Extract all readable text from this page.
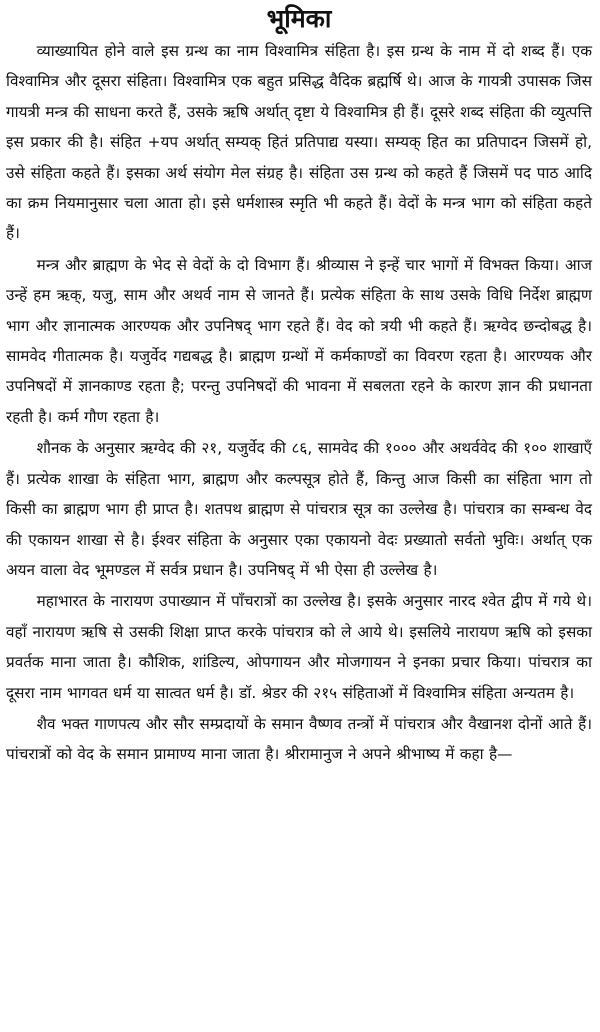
भूमिका

व्याख्यायित होने वाले इस ग्रन्थ का नाम विश्वामित्र संहिता है। इस ग्रन्थ के नाम में दो शब्द हैं। एक विश्वामित्र और दूसरा संहिता। विश्वामित्र एक बहुत प्रसिद्ध वैदिक ब्रह्मर्षि थे। आज के गायत्री उपासक जिस गायत्री मन्त्र की साधना करते हैं, उसके ऋषि अर्थात् दृष्टा ये विश्वामित्र ही हैं। दूसरे शब्द संहिता की व्युत्पत्ति इस प्रकार की है। संहित +यप अर्थात् सम्यक् हितं प्रतिपाद्य यस्या। सम्यक् हित का प्रतिपादन जिसमें हो, उसे संहिता कहते हैं। इसका अर्थ संयोग मेल संग्रह है। संहिता उस ग्रन्थ को कहते हैं जिसमें पद पाठ आदि का क्रम नियमानुसार चला आता हो। इसे धर्मशास्त्र स्मृति भी कहते हैं। वेदों के मन्त्र भाग को संहिता कहते हैं।

मन्त्र और ब्राह्मण के भेद से वेदों के दो विभाग हैं। श्रीव्यास ने इन्हें चार भागों में विभक्त किया। आज उन्हें हम ऋक्, यजु, साम और अथर्व नाम से जानते हैं। प्रत्येक संहिता के साथ उसके विधि निर्देश ब्राह्मण भाग और ज्ञानात्मक आरण्यक और उपनिषद् भाग रहते हैं। वेद को त्रयी भी कहते हैं। ऋग्वेद छन्दोबद्ध है। सामवेद गीतात्मक है। यजुर्वेद गद्यबद्ध है। ब्राह्मण ग्रन्थों में कर्मकाण्डों का विवरण रहता है। आरण्यक और उपनिषदों में ज्ञानकाण्ड रहता है; परन्तु उपनिषदों की भावना में सबलता रहने के कारण ज्ञान की प्रधानता रहती है। कर्म गौण रहता है।

शौनक के अनुसार ऋग्वेद की २१, यजुर्वेद की ८६, सामवेद की १००० और अथर्ववेद की १०० शाखाएँ हैं। प्रत्येक शाखा के संहिता भाग, ब्राह्मण और कल्पसूत्र होते हैं, किन्तु आज किसी का संहिता भाग तो किसी का ब्राह्मण भाग ही प्राप्त है। शतपथ ब्राह्मण से पांचरात्र सूत्र का उल्लेख है। पांचरात्र का सम्बन्ध वेद की एकायन शाखा से है। ईश्वर संहिता के अनुसार एका एकायनो वेदः प्रख्यातो सर्वतो भुविः। अर्थात् एक अयन वाला वेद भूमण्डल में सर्वत्र प्रधान है। उपनिषद् में भी ऐसा ही उल्लेख है।

महाभारत के नारायण उपाख्यान में पाँचरात्रों का उल्लेख है। इसके अनुसार नारद श्वेत द्वीप में गये थे। वहाँ नारायण ऋषि से उसकी शिक्षा प्राप्त करके पांचरात्र को ले आये थे। इसलिये नारायण ऋषि को इसका प्रवर्तक माना जाता है। कौशिक, शांडिल्य, ओपगायन और मोजगायन ने इनका प्रचार किया। पांचरात्र का दूसरा नाम भागवत धर्म या सात्वत धर्म है। डॉ. श्रेडर की २१५ संहिताओं में विश्वामित्र संहिता अन्यतम है।

शैव भक्त गाणपत्य और सौर सम्प्रदायों के समान वैष्णव तन्त्रों में पांचरात्र और वैखानश दोनों आते हैं। पांचरात्रों को वेद के समान प्रामाण्य माना जाता है। श्रीरामानुज ने अपने श्रीभाष्य में कहा है—
